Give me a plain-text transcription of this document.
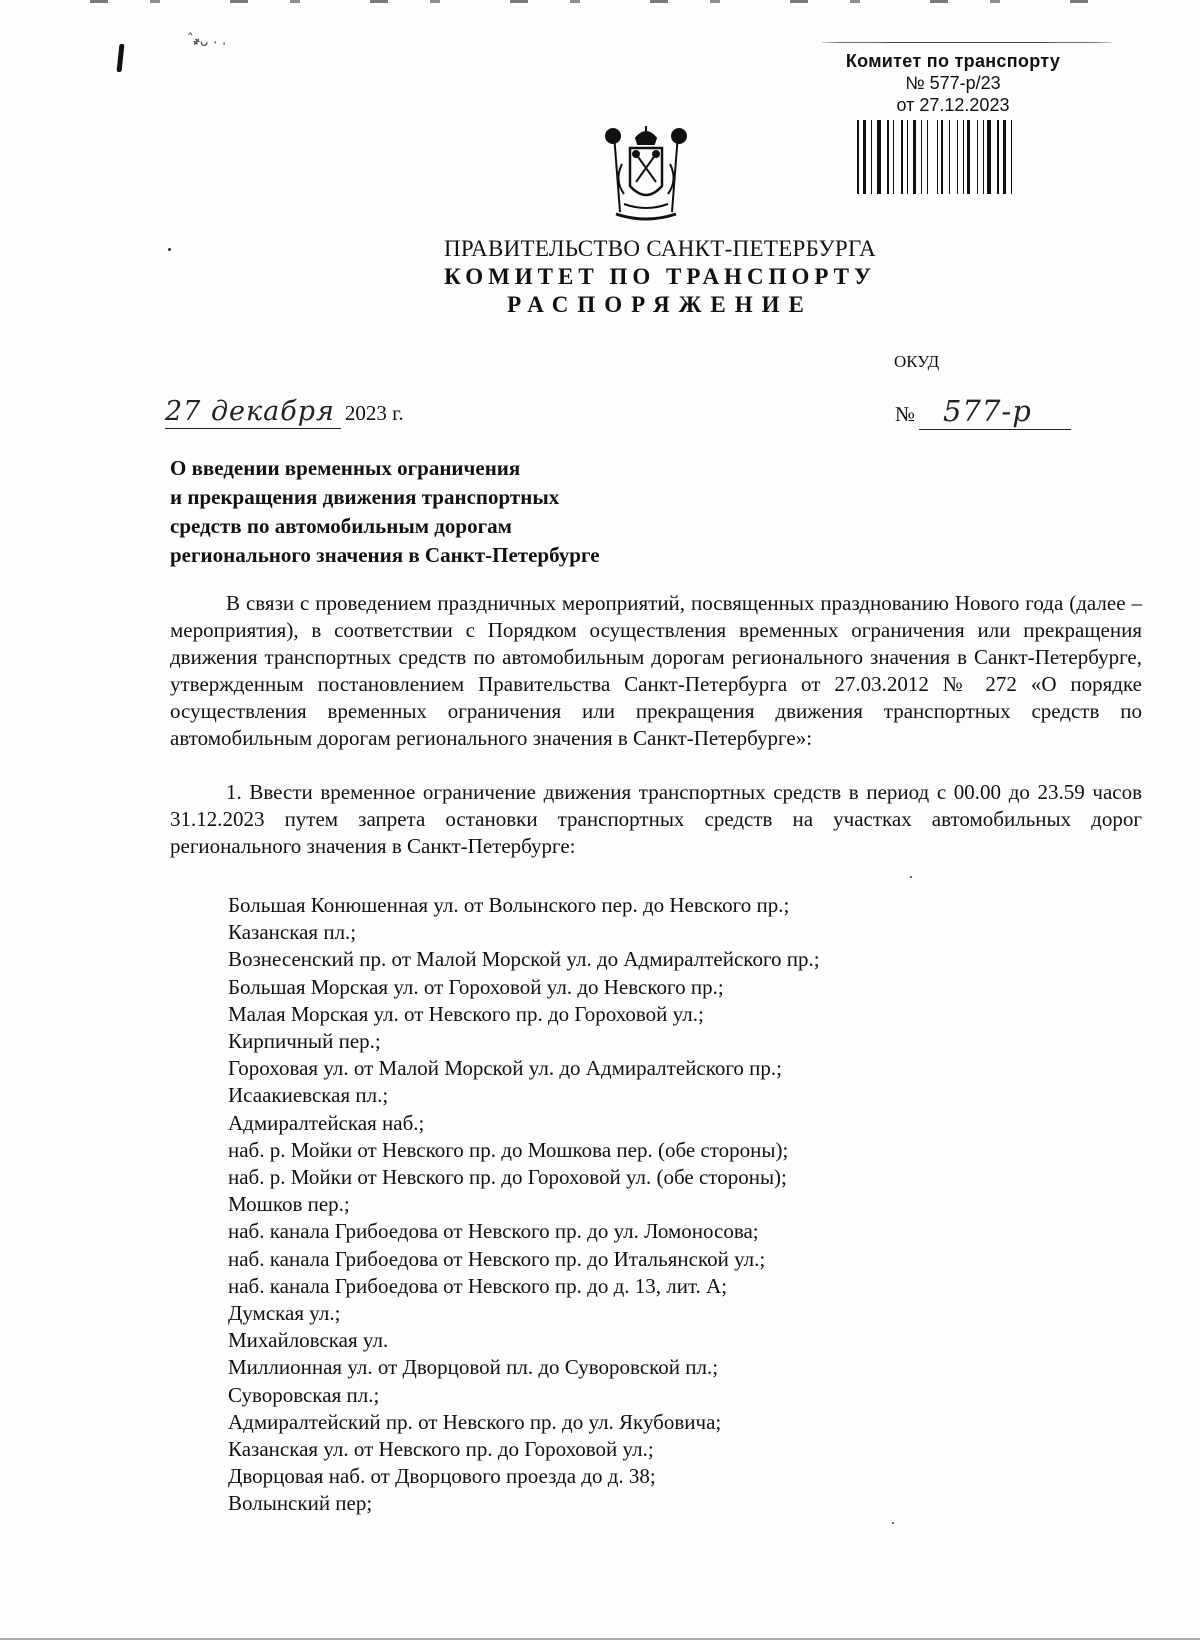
ˆ҂ᴗ · ·
Комитет по транспорту
№ 577-р/23
от 27.12.2023
ПРАВИТЕЛЬСТВО САНКТ-ПЕТЕРБУРГА
КОМИТЕТ ПО ТРАНСПОРТУ
РАСПОРЯЖЕНИЕ
ОКУД
27 декабря 2023 г.	№ 577-р
О введении временных ограничения
и прекращения движения транспортных
средств по автомобильным дорогам
регионального значения в Санкт-Петербурге

В связи с проведением праздничных мероприятий, посвященных празднованию Нового года (далее – мероприятия), в соответствии с Порядком осуществления временных ограничения или прекращения движения транспортных средств по автомобильным дорогам регионального значения в Санкт-Петербурге, утвержденным постановлением Правительства Санкт-Петербурга от 27.03.2012 № 272 «О порядке осуществления временных ограничения или прекращения движения транспортных средств по автомобильным дорогам регионального значения в Санкт-Петербурге»:

1. Ввести временное ограничение движения транспортных средств в период с 00.00 до 23.59 часов 31.12.2023 путем запрета остановки транспортных средств на участках автомобильных дорог регионального значения в Санкт-Петербурге:

Большая Конюшенная ул. от Волынского пер. до Невского пр.;
Казанская пл.;
Вознесенский пр. от Малой Морской ул. до Адмиралтейского пр.;
Большая Морская ул. от Гороховой ул. до Невского пр.;
Малая Морская ул. от Невского пр. до Гороховой ул.;
Кирпичный пер.;
Гороховая ул. от Малой Морской ул. до Адмиралтейского пр.;
Исаакиевская пл.;
Адмиралтейская наб.;
наб. р. Мойки от Невского пр. до Мошкова пер. (обе стороны);
наб. р. Мойки от Невского пр. до Гороховой ул. (обе стороны);
Мошков пер.;
наб. канала Грибоедова от Невского пр. до ул. Ломоносова;
наб. канала Грибоедова от Невского пр. до Итальянской ул.;
наб. канала Грибоедова от Невского пр. до д. 13, лит. А;
Думская ул.;
Михайловская ул.
Миллионная ул. от Дворцовой пл. до Суворовской пл.;
Суворовская пл.;
Адмиралтейский пр. от Невского пр. до ул. Якубовича;
Казанская ул. от Невского пр. до Гороховой ул.;
Дворцовая наб. от Дворцового проезда до д. 38;
Волынский пер;
